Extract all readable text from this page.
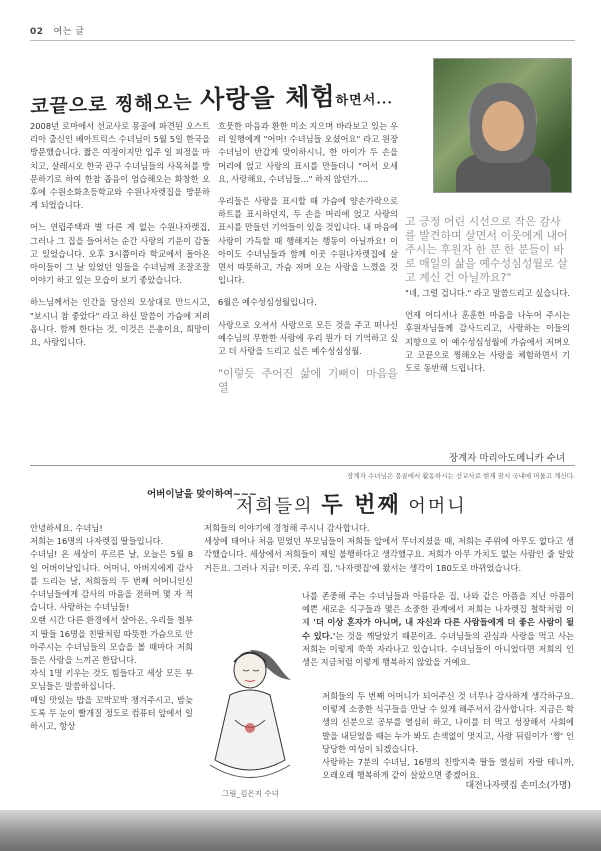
02 여는 글
코끝으로 찡해오는 사랑을 체험하면서...

2008년 로마에서 선교사로 몽골에 파견된 오스트리아 출신인 베아트릭스 수녀님이 5월 5일 한국을 방문했습니다. 짧은 여정이지만 입주 일 피정을 마치고, 살레시오 한국 관구 수녀님들의 사목처를 방문하기로 하여 한참 좁음이 엄습해오는 화창한 오후에 수원소화초등학교와 수원나자렛집을 방문하게 되었습니다.

어느 연립주택과 별 다른 게 없는 수원나자렛집, 그러나 그 집을 들어서는 순간 사랑의 기운이 감돌고 있었습니다. 오후 3시쯤이라 학교에서 돌아온 아이들이 그 날 있었던 일들을 수녀님께 조잘조잘 이야기 하고 있는 모습이 보기 좋았습니다.

하느님께서는 인간을 당신의 모상대로 만드시고, "보시니 참 좋았다" 라고 하신 말씀이 가슴에 저려옵니다. 함께 한다는 것, 이것은 은총이요, 희망이요, 사랑입니다.

흐뭇한 마음과 환한 미소 지으며 바라보고 있는 우리 일행에게 "어머! 수녀님들 오셨어요" 라고 원장수녀님이 반갑게 맞이하시니, 한 아이가 두 손을 머리에 얹고 사랑의 표시를 만들더니 "어서 오세요, 사랑해요, 수녀님들..." 하지 않던가....

우리들은 사랑을 표시할 때 가슴에 양손가락으로 하트를 표시하던지, 두 손을 머리에 얹고 사랑의 표시를 만들던 기억들이 있을 것입니다. 내 마음에 사랑이 가득할 때 행해지는 행동이 아닐까요! 이 아이도 수녀님들과 함께 이곳 수원나자렛집에 살면서 따뜻하고, 가슴 저며 오는 사랑을 느꼈을 것입니다.

6월은 예수성심성월입니다.

사랑으로 오셔서 사랑으로 모든 것을 주고 떠나신 예수님의 무한한 사랑에 우리 뭔가 더 기억하고 싶고 더 사랑을 드리고 싶은 예수성심성월.

"이렇듯 주어진 삶에 기뻐이 마음을 열
고 긍정 어린 시선으로 작은 감사를 발견하며 살면서 이웃에게 내어 주시는 후원자 한 분 한 분들이 바로 매일의 삶을 예수성심성월로 살고 계신 건 아닐까요?"

"네, 그럴 겁니다." 라고 말씀드리고 싶습니다.

언제 어디서나 훈훈한 마음을 나누어 주시는 후원자님들께 감사드리고, 사랑하는 이들의 지향으로 이 예수성심성월에 가슴에서 저며오고 코끝으로 찡해오는 사랑을 체험하면서 기도로 동반해 드립니다.

장계자 마리아도메니카 수녀
장계자 수녀님은 몽골에서 활동하시는 선교사로 현재 잠시 국내에 머물고 계신다.
어버이날을 맞이하여~~~
저희들의 두 번째 어머니
안녕하세요. 수녀님!
저희는 16명의 나자렛집 딸들입니다.
수녀님! 온 세상이 푸르른 날, 오늘은 5월 8일 어버이날입니다. 어머니, 아버지에게 감사를 드리는 날, 저희들의 두 번째 어머니인신 수녀님들에게 감사의 마음을 전하며 몇 자 적습니다. 사랑하는 수녀님들!
오랜 시간 다른 환경에서 살아온, 우리들 철부지 딸들 16명을 친딸처럼 따뜻한 가슴으로 안아주시는 수녀님들의 모습을 볼 때마다 저희들은 사랑을 느끼곤 한답니다.
자식 1명 키우는 것도 힘들다고 세상 모든 부모님들은 말씀하십니다.
매일 맛있는 밥을 꼬박꼬박 챙겨주시고, 밤늦도록 두 눈이 빨개질 정도로 컴퓨터 앞에서 일하시고, 항상
저희들의 이야기에 경청해 주시니 감사합니다.
세상에 태어나 처음 믿었던 부모님들이 저희들 앞에서 무너지셨을 때, 저희는 주위에 아무도 없다고 생각했습니다. 세상에서 저희들이 제일 불행하다고 생각했구요. 저희가 아무 가치도 없는 사람인 줄 알았거든요. 그러나 지금! 이곳, 우리 집, '나자렛집'에 왔서는 생각이 180도로 바뀌었습니다.
나를 존중해 주는 수녀님들과 아름다운 집, 나와 같은 아픔을 지닌 아픔이 예쁜 새로운 식구들과 몇은 소중한 관계에서 저희는 나자렛집 철학처럼 이제 '더 이상 혼자가 아니며, 내 자신과 다른 사람들에게 더 좋은 사람이 될 수 있다.'는 것을 깨달았기 때문이죠. 수녀님들의 관심과 사랑을 먹고 사는 저희는 이렇게 쑥쑥 자라나고 있습니다. 수녀님들이 아니었다면 저희의 인생은 지금처럼 이렇게 행복하지 않았을 거예요.
저희들의 두 번째 어머니가 되어주신 것 너무나 감사하게 생각하구요. 이렇게 소중한 식구들을 만날 수 있게 해주셔서 감사합니다. 지금은 학생의 신분으로 공부를 열심히 하고, 나이를 더 먹고 성장해서 사회에 발을 내딛었을 때는 누가 봐도 손색없이 멋지고, 사랑 뒤림이가 '짱' 인 당당한 여성이 되겠습니다.
사랑하는 7분의 수녀님, 16명의 친방지축 딸들 열심히 자랄 테니까, 오래오래 행복하게 같이 살았으면 좋겠어요.
그림_김은지 수녀
대전나자렛집 손미소(가명)
